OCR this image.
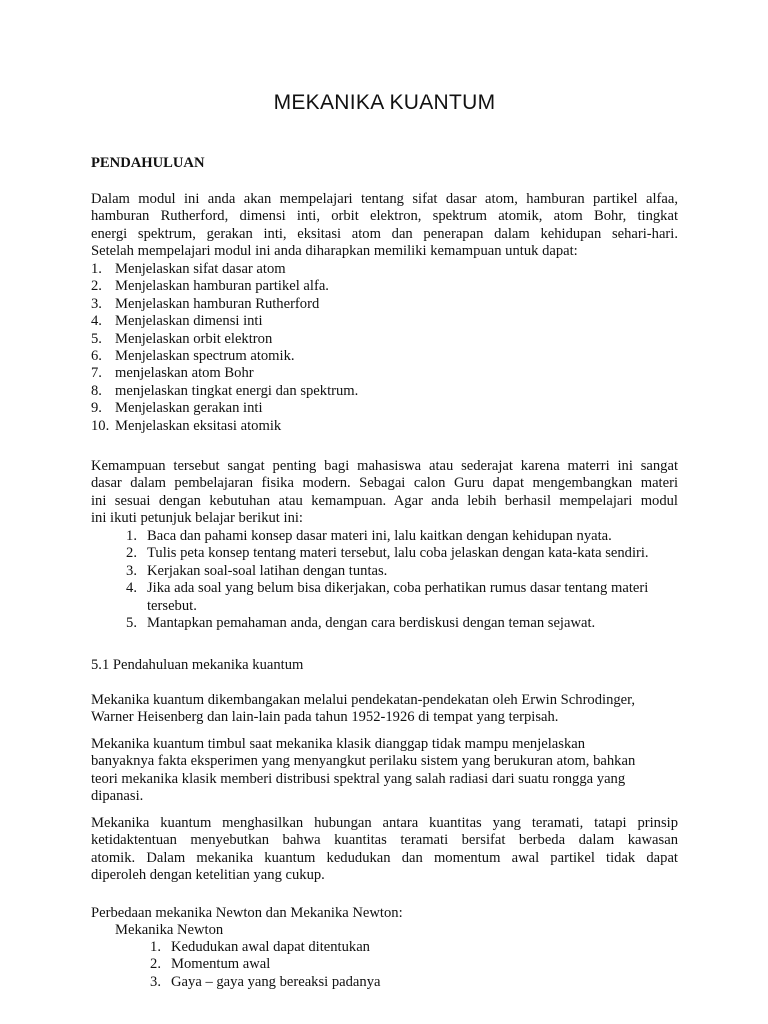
MEKANIKA KUANTUM
PENDAHULUAN
Dalam modul ini anda akan mempelajari tentang sifat dasar atom, hamburan partikel alfaa,
hamburan Rutherford, dimensi inti, orbit elektron, spektrum atomik, atom Bohr, tingkat
energi spektrum, gerakan inti, eksitasi atom dan penerapan dalam kehidupan sehari-hari.
Setelah mempelajari modul ini anda diharapkan memiliki kemampuan untuk dapat:
1. Menjelaskan sifat dasar atom
2. Menjelaskan hamburan partikel alfa.
3. Menjelaskan hamburan Rutherford
4. Menjelaskan dimensi inti
5. Menjelaskan orbit elektron
6. Menjelaskan spectrum atomik.
7. menjelaskan atom Bohr
8. menjelaskan tingkat energi dan spektrum.
9. Menjelaskan gerakan inti
10. Menjelaskan eksitasi atomik
Kemampuan tersebut sangat penting bagi mahasiswa atau sederajat karena materri ini sangat
dasar dalam pembelajaran fisika modern. Sebagai calon Guru dapat mengembangkan materi
ini sesuai dengan kebutuhan atau kemampuan. Agar anda lebih berhasil mempelajari modul
ini ikuti petunjuk belajar berikut ini:
1. Baca dan pahami konsep dasar materi ini, lalu kaitkan dengan kehidupan nyata.
2. Tulis peta konsep tentang materi tersebut, lalu coba jelaskan dengan kata-kata sendiri.
3. Kerjakan soal-soal latihan dengan tuntas.
4. Jika ada soal yang belum bisa dikerjakan, coba perhatikan rumus dasar tentang materi tersebut.
5. Mantapkan pemahaman anda, dengan cara berdiskusi dengan teman sejawat.
5.1 Pendahuluan mekanika kuantum
Mekanika kuantum dikembangakan melalui pendekatan-pendekatan oleh Erwin Schrodinger,
Warner Heisenberg dan lain-lain pada tahun 1952-1926 di tempat yang terpisah.
Mekanika kuantum timbul saat mekanika klasik dianggap tidak mampu menjelaskan
banyaknya fakta eksperimen yang menyangkut perilaku sistem yang berukuran atom, bahkan
teori mekanika klasik memberi distribusi spektral yang salah radiasi dari suatu rongga yang
dipanasi.
Mekanika kuantum menghasilkan hubungan antara kuantitas yang teramati, tatapi prinsip
ketidaktentuan menyebutkan bahwa kuantitas teramati bersifat berbeda dalam kawasan
atomik. Dalam mekanika kuantum kedudukan dan momentum awal partikel tidak dapat
diperoleh dengan ketelitian yang cukup.
Perbedaan mekanika Newton dan Mekanika Newton:
Mekanika Newton
1. Kedudukan awal dapat ditentukan
2. Momentum awal
3. Gaya – gaya yang bereaksi padanya
